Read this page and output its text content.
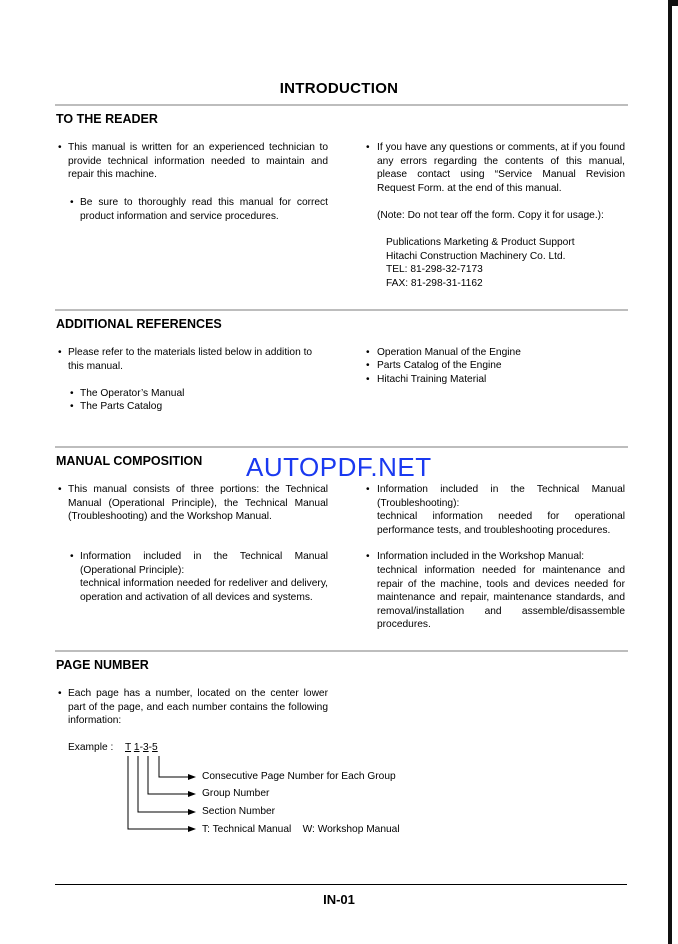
INTRODUCTION
TO THE READER
• This manual is written for an experienced technician to provide technical information needed to maintain and repair this machine.
• Be sure to thoroughly read this manual for correct product information and service procedures.
• If you have any questions or comments, at if you found any errors regarding the contents of this manual, please contact using “Service Manual Revision Request Form. at the end of this manual.
(Note: Do not tear off the form. Copy it for usage.):
Publications Marketing & Product Support
Hitachi Construction Machinery Co. Ltd.
TEL: 81-298-32-7173
FAX: 81-298-31-1162
ADDITIONAL REFERENCES
• Please refer to the materials listed below in addition to this manual.
• The Operator’s Manual
• The Parts Catalog
• Operation Manual of the Engine
• Parts Catalog of the Engine
• Hitachi Training Material
MANUAL COMPOSITION AUTOPDF.NET
• This manual consists of three portions: the Technical Manual (Operational Principle), the Technical Manual (Troubleshooting) and the Workshop Manual.
• Information included in the Technical Manual (Operational Principle):
technical information needed for redeliver and delivery, operation and activation of all devices and systems.
• Information included in the Technical Manual (Troubleshooting):
technical information needed for operational performance tests, and troubleshooting procedures.
• Information included in the Workshop Manual:
technical information needed for maintenance and repair of the machine, tools and devices needed for maintenance and repair, maintenance standards, and removal/installation and assemble/disassemble procedures.
PAGE NUMBER
• Each page has a number, located on the center lower part of the page, and each number contains the following information:
Example : T 1-3-5
Consecutive Page Number for Each Group
Group Number
Section Number
T: Technical Manual    W: Workshop Manual
IN-01
